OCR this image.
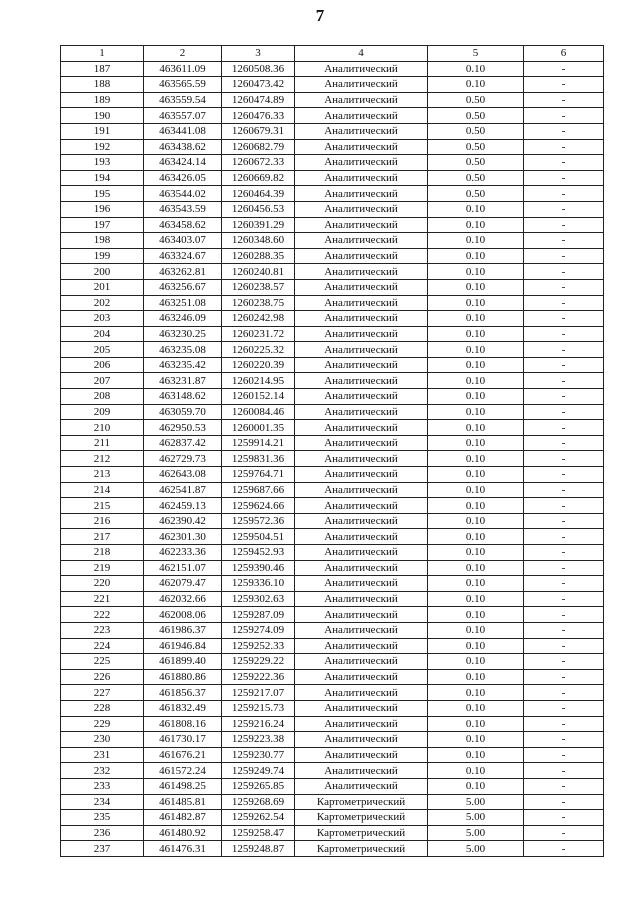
7
1	2	3	4	5	6
187	463611.09	1260508.36	Аналитический	0.10	-
188	463565.59	1260473.42	Аналитический	0.10	-
189	463559.54	1260474.89	Аналитический	0.50	-
190	463557.07	1260476.33	Аналитический	0.50	-
191	463441.08	1260679.31	Аналитический	0.50	-
192	463438.62	1260682.79	Аналитический	0.50	-
193	463424.14	1260672.33	Аналитический	0.50	-
194	463426.05	1260669.82	Аналитический	0.50	-
195	463544.02	1260464.39	Аналитический	0.50	-
196	463543.59	1260456.53	Аналитический	0.10	-
197	463458.62	1260391.29	Аналитический	0.10	-
198	463403.07	1260348.60	Аналитический	0.10	-
199	463324.67	1260288.35	Аналитический	0.10	-
200	463262.81	1260240.81	Аналитический	0.10	-
201	463256.67	1260238.57	Аналитический	0.10	-
202	463251.08	1260238.75	Аналитический	0.10	-
203	463246.09	1260242.98	Аналитический	0.10	-
204	463230.25	1260231.72	Аналитический	0.10	-
205	463235.08	1260225.32	Аналитический	0.10	-
206	463235.42	1260220.39	Аналитический	0.10	-
207	463231.87	1260214.95	Аналитический	0.10	-
208	463148.62	1260152.14	Аналитический	0.10	-
209	463059.70	1260084.46	Аналитический	0.10	-
210	462950.53	1260001.35	Аналитический	0.10	-
211	462837.42	1259914.21	Аналитический	0.10	-
212	462729.73	1259831.36	Аналитический	0.10	-
213	462643.08	1259764.71	Аналитический	0.10	-
214	462541.87	1259687.66	Аналитический	0.10	-
215	462459.13	1259624.66	Аналитический	0.10	-
216	462390.42	1259572.36	Аналитический	0.10	-
217	462301.30	1259504.51	Аналитический	0.10	-
218	462233.36	1259452.93	Аналитический	0.10	-
219	462151.07	1259390.46	Аналитический	0.10	-
220	462079.47	1259336.10	Аналитический	0.10	-
221	462032.66	1259302.63	Аналитический	0.10	-
222	462008.06	1259287.09	Аналитический	0.10	-
223	461986.37	1259274.09	Аналитический	0.10	-
224	461946.84	1259252.33	Аналитический	0.10	-
225	461899.40	1259229.22	Аналитический	0.10	-
226	461880.86	1259222.36	Аналитический	0.10	-
227	461856.37	1259217.07	Аналитический	0.10	-
228	461832.49	1259215.73	Аналитический	0.10	-
229	461808.16	1259216.24	Аналитический	0.10	-
230	461730.17	1259223.38	Аналитический	0.10	-
231	461676.21	1259230.77	Аналитический	0.10	-
232	461572.24	1259249.74	Аналитический	0.10	-
233	461498.25	1259265.85	Аналитический	0.10	-
234	461485.81	1259268.69	Картометрический	5.00	-
235	461482.87	1259262.54	Картометрический	5.00	-
236	461480.92	1259258.47	Картометрический	5.00	-
237	461476.31	1259248.87	Картометрический	5.00	-
